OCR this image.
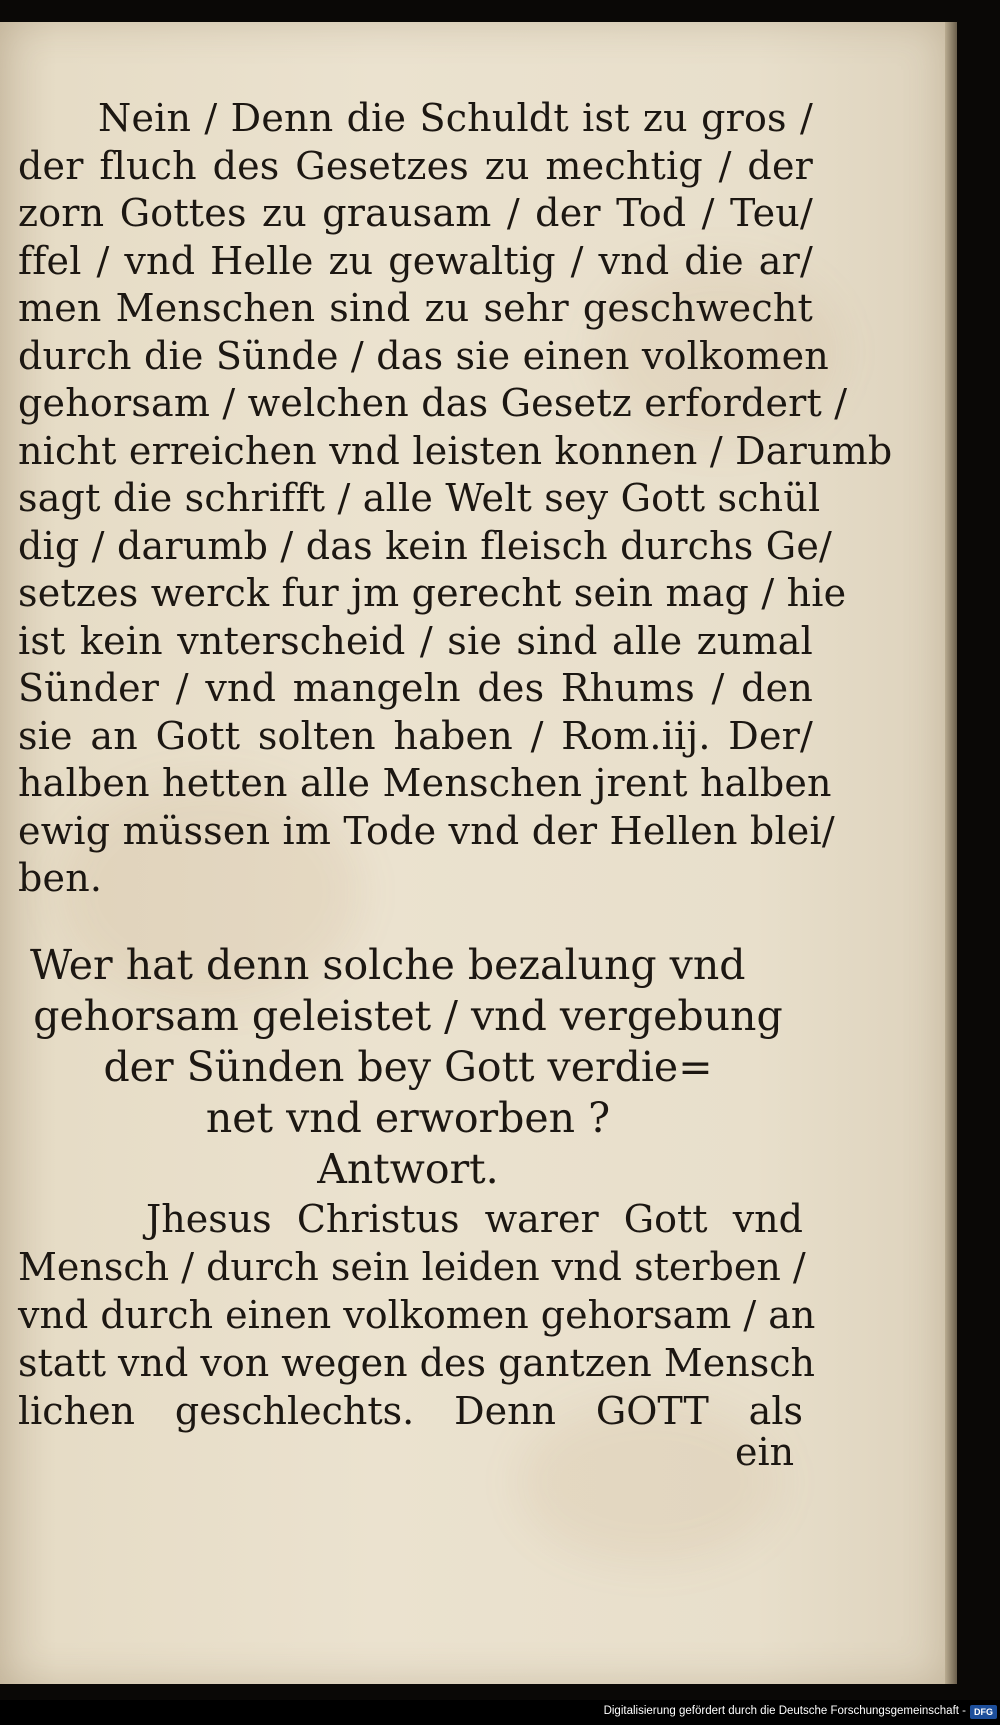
Nein / Denn die Schuldt ist zu gros /
der fluch des Gesetzes zu mechtig / der
zorn Gottes zu grausam / der Tod / Teu/
ffel / vnd Helle zu gewaltig / vnd die ar/
men Menschen sind zu sehr geschwecht
durch die Sünde / das sie einen volkomen
gehorsam / welchen das Gesetz erfordert /
nicht erreichen vnd leisten konnen / Darumb
sagt die schrifft / alle Welt sey Gott schül
dig / darumb / das kein fleisch durchs Ge/
setzes werck fur jm gerecht sein mag / hie
ist kein vnterscheid / sie sind alle zumal
Sünder / vnd mangeln des Rhums / den
sie an Gott solten haben / Rom.iij. Der/
halben hetten alle Menschen jrent halben
ewig müssen im Tode vnd der Hellen blei/
ben.
Wer hat denn solche bezalung vnd
gehorsam geleistet / vnd vergebung
der Sünden bey Gott verdie=
net vnd erworben ?
Antwort.
Jhesus Christus warer Gott vnd
Mensch / durch sein leiden vnd sterben /
vnd durch einen volkomen gehorsam / an
statt vnd von wegen des gantzen Mensch
lichen geschlechts. Denn GOTT als
ein
Digitalisierung gefördert durch die Deutsche Forschungsgemeinschaft - DFG
